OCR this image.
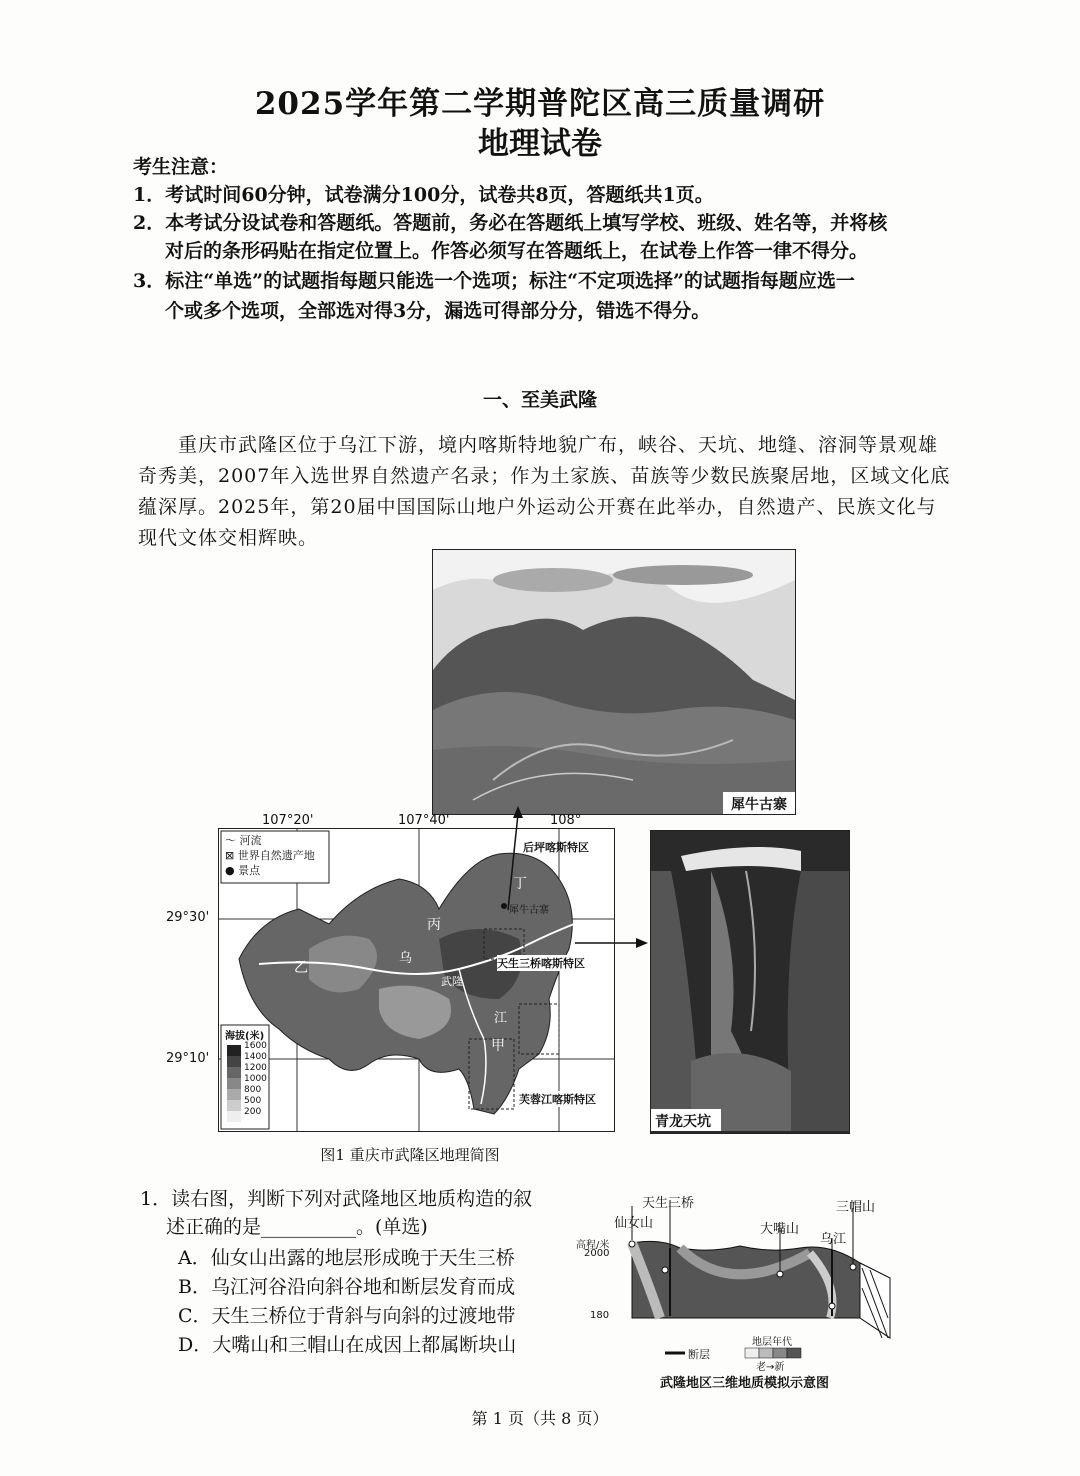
2025学年第二学期普陀区高三质量调研
地理试卷
考生注意：
1．考试时间60分钟，试卷满分100分，试卷共8页，答题纸共1页。
2．本考试分设试卷和答题纸。答题前，务必在答题纸上填写学校、班级、姓名等，并将核
对后的条形码贴在指定位置上。作答必须写在答题纸上，在试卷上作答一律不得分。
3．标注“单选”的试题指每题只能选一个选项；标注“不定项选择”的试题指每题应选一
个或多个选项，全部选对得3分，漏选可得部分分，错选不得分。
一、至美武隆
重庆市武隆区位于乌江下游，境内喀斯特地貌广布，峡谷、天坑、地缝、溶洞等景观雄
奇秀美，2007年入选世界自然遗产名录；作为土家族、苗族等少数民族聚居地，区域文化底
蕴深厚。2025年，第20届中国国际山地户外运动公开赛在此举办，自然遗产、民族文化与
现代文体交相辉映。
犀牛古寨
〜 河流
⊠ 世界自然遗产地
● 景点
海拔(米)
1600
1400
1200
1000
800
500
200
后坪喀斯特区
犀牛古寨
天生三桥喀斯特区
芙蓉江喀斯特区
武隆
丁
丙
乙
甲
乌
江
107°20'	107°40'	108°
29°30'
29°10'
青龙天坑
图1 重庆市武隆区地理简图
1．读右图，判断下列对武隆地区地质构造的叙
述正确的是__________。(单选)
A．仙女山出露的地层形成晚于天生三桥
B．乌江河谷沿向斜谷地和断层发育而成
C．天生三桥位于背斜与向斜的过渡地带
D．大嘴山和三帽山在成因上都属断块山
天生三桥
仙女山	大嘴山
乌江
三帽山
高程/米
2000
180
断层
地层年代
老→新
武隆地区三维地质模拟示意图
第 1 页（共 8 页）
